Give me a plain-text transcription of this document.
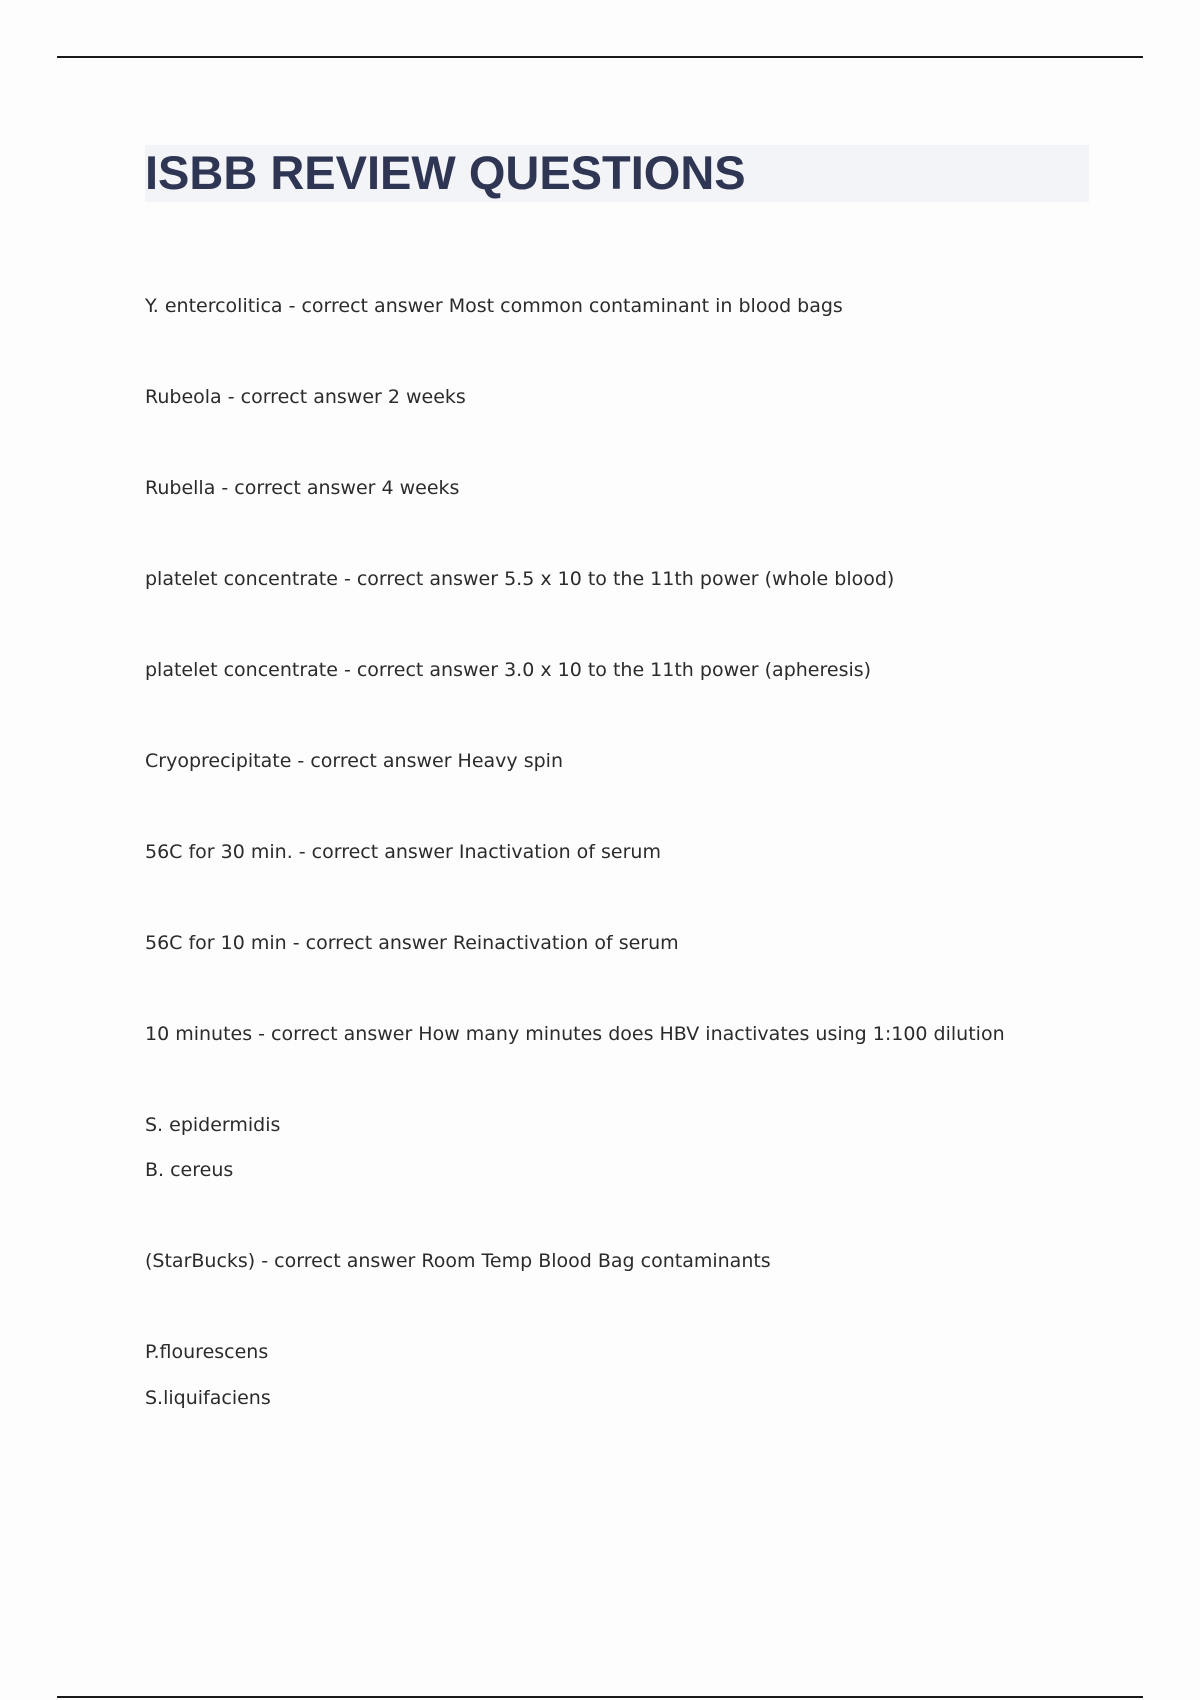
ISBB REVIEW QUESTIONS

Y. entercolitica - correct answer Most common contaminant in blood bags

Rubeola - correct answer 2 weeks

Rubella - correct answer 4 weeks

platelet concentrate - correct answer 5.5 x 10 to the 11th power (whole blood)

platelet concentrate - correct answer 3.0 x 10 to the 11th power (apheresis)

Cryoprecipitate - correct answer Heavy spin

56C for 30 min. - correct answer Inactivation of serum

56C for 10 min - correct answer Reinactivation of serum

10 minutes - correct answer How many minutes does HBV inactivates using 1:100 dilution

S. epidermidis

B. cereus

(StarBucks) - correct answer Room Temp Blood Bag contaminants

P.flourescens

S.liquifaciens
